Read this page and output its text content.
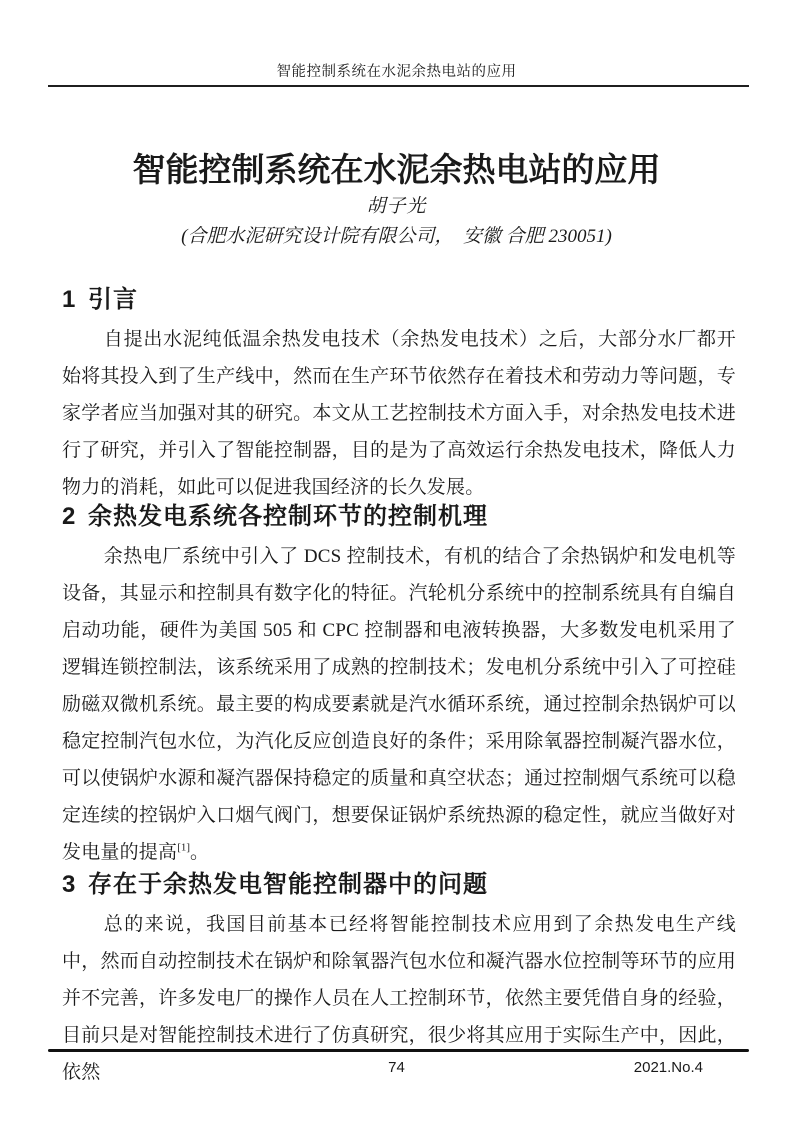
智能控制系统在水泥余热电站的应用
智能控制系统在水泥余热电站的应用
胡子光
(合肥水泥研究设计院有限公司，  安徽 合肥 230051)
1 引言

自提出水泥纯低温余热发电技术（余热发电技术）之后，大部分水厂都开始将其投入到了生产线中，然而在生产环节依然存在着技术和劳动力等问题，专家学者应当加强对其的研究。本文从工艺控制技术方面入手，对余热发电技术进行了研究，并引入了智能控制器，目的是为了高效运行余热发电技术，降低人力物力的消耗，如此可以促进我国经济的长久发展。

2 余热发电系统各控制环节的控制机理

余热电厂系统中引入了 DCS 控制技术，有机的结合了余热锅炉和发电机等设备，其显示和控制具有数字化的特征。汽轮机分系统中的控制系统具有自编自启动功能，硬件为美国 505 和 CPC 控制器和电液转换器，大多数发电机采用了逻辑连锁控制法，该系统采用了成熟的控制技术；发电机分系统中引入了可控硅励磁双微机系统。最主要的构成要素就是汽水循环系统，通过控制余热锅炉可以稳定控制汽包水位，为汽化反应创造良好的条件；采用除氧器控制凝汽器水位，可以使锅炉水源和凝汽器保持稳定的质量和真空状态；通过控制烟气系统可以稳定连续的控锅炉入口烟气阀门，想要保证锅炉系统热源的稳定性，就应当做好对发电量的提高[1]。

3 存在于余热发电智能控制器中的问题

总的来说，我国目前基本已经将智能控制技术应用到了余热发电生产线中，然而自动控制技术在锅炉和除氧器汽包水位和凝汽器水位控制等环节的应用并不完善，许多发电厂的操作人员在人工控制环节，依然主要凭借自身的经验，目前只是对智能控制技术进行了仿真研究，很少将其应用于实际生产中，因此，依然	74	2021.No.4
